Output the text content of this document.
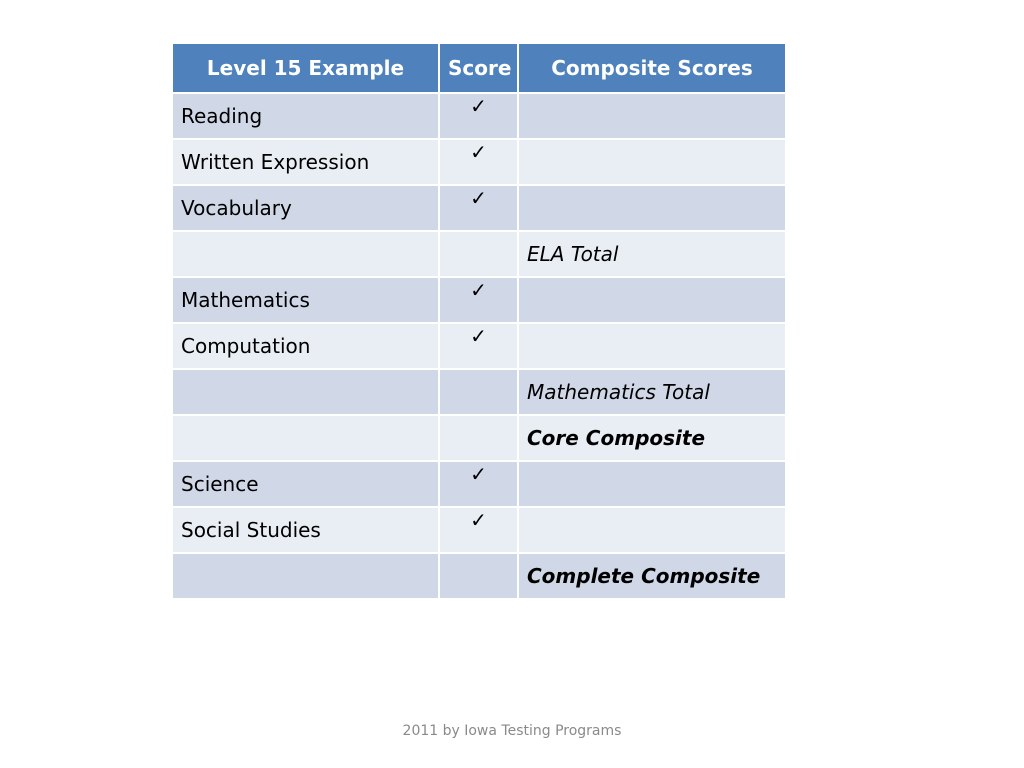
Level 15 Example	Score	Composite Scores
Reading	✓	
Written Expression	✓	
Vocabulary	✓	
		ELA Total
Mathematics	✓	
Computation	✓	
		Mathematics Total
		Core Composite
Science	✓	
Social Studies	✓	
		Complete Composite
2011 by Iowa Testing Programs
